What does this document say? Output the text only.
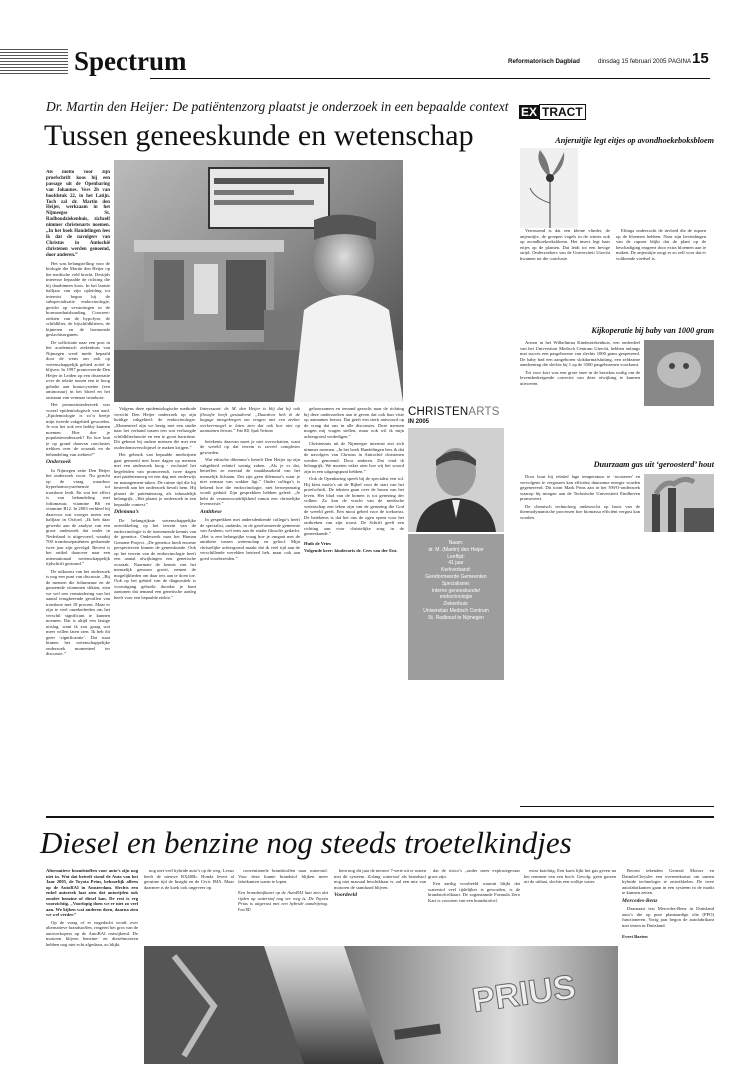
Spectrum	Reformatorisch Dagblad	dinsdag 15 februari 2005 PAGINA 15
Dr. Martin den Heijer: De patiëntenzorg plaatst je onderzoek in een bepaalde context
Tussen geneeskunde en wetenschap

Als motto voor zijn proefschrift koos hij een passage uit de Openbaring van Johannes. Vers 2b van hoofdstuk 22, in het Latijn. Toch zal dr. Martin den Heijer, werkzaam in het Nijmeegse St. Radboudziekenhuis, zichzelf nimmer christenarts noemen. „In het boek Handelingen lees ik dat de navolgers van Christus in Antiochië christenen werden genoemd, door anderen.”

Het was belangstelling voor de biologie die Martin den Heijer op het medische veld bracht. Destijds interesse bepaalde de richting die hij daarbinnen koos. In het laatste halfjaar van zijn opleiding tot internist begon hij de subspecialisatie endocrinologie, gericht op verstoringen in de hormoonhuishouding. Concreet: ziekten van de hypofyse, de schildklier, de bijschildklieren, de bijnieren en de hormonale geslachtsorganen.

De sollicitatie naar een post in het academisch ziekenhuis van Nijmegen werd mede bepaald door de wens om ook op wetenschappelijk gebied actief te blijven. In 1997 promoveerde Den Heijer in Leiden op een dissertatie over de relatie tussen een te hoog gehalte aan homocysteïne (een aminozuur) in het bloed en het ontstaan van veneuze trombose.

Het promotieonderzoek was vooral epidemiologisch van aard. „Epidemiologie is zo’n beetje mijn tweede vakgebied geworden. Je zou het ook een hobby kunnen noemen. Hoe doe je populatieonderzoek? En hoe kun je op grond daarvan conclusies trekken over de oorzaak en de behandeling van ziekten?”

Onderzoek

In Nijmegen zette Den Heijer het onderzoek voort. Nu gericht op de vraag waardoor hyperhomocysteïnemie tot trombose leidt. En wat het effect is van behandeling met foliumzuur, vitamine B6 en vitamine B12. In 2003 verbleef hij daarvoor wat vroeger noem een halfjaar in Oxford. „Ik heb daar gewerkt aan de analyse van een groot onderzoek dat onder in Nederland is uitgevoerd, waarbij 700 trombosepatiënten gedurende twee jaar zijn gevolgd. Recent is het artikel daarover naar een internationaal wetenschappelijk tijdschrift gestuurd.”

De uitkomst van het onderzoek is nog een punt van discussie. „Bij de mensen die foliumzuur en de genoemde vitaminen slikten, zien we wel een vermindering van het aantal terugkerende gevallen van trombose met 18 procent. Maar er zijn te veel onzekerheden om het verschil significant te kunnen noemen. Dat is altijd een lastige uitslag, want ik zou graag wat meer willen laten zien. Ik heb dit geen ‘significantie’. Dat staat binnen het wetenschappelijke onderzoek momenteel ter discussie.”

Volgens deze epidemiologische methode verricht Den Heijer onderzoek op zijn huidige vakgebied: de endocrinologie. „Momenteel zijn we bezig met een studie naar het verband tussen een wat verhoogde schildklierfunctie en een te groot hartritme. Dit gebeurt bij oudere mensen die met een ouderdomsverschijnsel te maken krijgen.”

Het gebruik van bepaalde medicijnen gaat gemoeid met boze dagen op mensen met een onderzoek hoog - exclusief het begeleiden van promovendi, twee dagen met patiëntenzorg en een dag met onderwijs en management-taken. De ruime tijd die hij besteedt aan het onderzoek bevalt hem. Hij plaatst de patiëntenzorg als inhoudelijk belangrijk. „Het plaatst je onderzoek in een bepaalde context.”

Dilemma’s

De belangrijkste wetenschappelijke ontwikkeling op het terrein van de endocrinologie is de toenemende kennis van de genetica. Onderzoek naar het Human Genome Project. „De genetica biedt enorme perspectieven binnen de geneeskunde. Ook op het terrein van de endocrinologie heeft een aantal afwijkingen een genetische oorzaak. Naarmate de kennis van het menselijk genoom groeit, nemen de mogelijkheden om daar iets aan te doen toe. Ook op het gebied van de diagnostiek is vooruitgang geboekt doordat je kunt aantonen dat iemand een genetische aanleg heeft voor een bepaalde ziekte.”

Interessant: dr. M. den Heijer is blij dat hij ook filosofie heeft gestudeerd. „Daardoor heb ik de bagage meegekregen om vragen met een zeeker werkvermogel te laten zien dat ook hoe niet op aannamen berust.” Foto RD, Sjaak Verboom

betekenis daarvan moet je niet overschatten, want de wereld op dat terrein is zoveel complexer geworden.

Wat ethische dilemma’s betreft Den Heijer op zijn vakgebied relatief weinig zaken. „Als je er dat, betreffen ze meestal de maakbaarheid van het menselijk lichaam. Dat zijn geen dilemma’s waar je niet zomaar van wakker ligt.” Onder collega’s is bekend hoe die endocrinologie, niet beroepsmatig wordt geduid. Zijn gesprekken hebben geleid. „Je hebt de verantwoordelijkheid vanuit een christelijke levensvisie.”

Antithese

In gesprekken met andersdenkende collega’s heeft de specialist, ondanks, in de gereformeerde gemeente van Arnhem, wel eens aan de studie filosofie gedacht. „Het is een belangrijke vraag hoe je omgaat met de antithese tussen wetenschap en geloof. Mijn christelijke achtergrond maakt dat ik veel tijd aan de verschillende werelden besteed heb, maar ook aan goed voorbereiden.”

gehoorzamen en iemand gezocht naar de richting bij deze onderzoeken aan te geven dat ook hun visie op aannames berust. Dat geeft een sterk antwoord op de vraag dat ons in alle discussies. Deze mensen mogen mij vragen stellen, maar ook wil ik mijn achtergrond verdedigen.”

Christenarts uit de Nijmeegse internist ziet zich nimmer noemen. „In het boek Handelingen lees ik dat de navolgers van Christus in Antiochië christenen werden genoemd. Door anderen. Dat vind ik belangrijk. We moeten vaker zien hoe wij het woord zijn in een uitgangspunt hebben.”

Ook de Openbaring speelt bij de specialist een rol. Hij kiest motto's uit de Bijbel voor de start van het proefschrift. De teksten gaan over de boom van het leven. Het blad van de bomen is tot genezing der volken. Zo kan de vrucht van de medische wetenschap een teken zijn van de genezing die God de wereld geeft. Een mooi gebed voor de toekomst. De betekenis is dat het ons de ogen opent voor het ontbreken van zijn troost. De Schrift geeft een richting aan voor christelijke zorg in de geneeskunde.”

Huib de Vries

Volgende keer: kinderarts dr. Cees van der Ent.

CHRISTENARTS
IN 2005
Naam:
dr. M. (Martin) den Heijer
Leeftijd:
41 jaar
Kerkverband:
Gereformeerde Gemeenten
Specialisme:
interne geneeskunde/
endocrinologie
Ziekenhuis:
Universitair Medisch Centrum
St. Radboud te Nijmegen
EX TRACT
Anjeruitjie legt eitjes op avondhoekeboksbloem

Verrassend is dat een kleine vlinder, de anjeruitjie, de groepen vogels in de winter ook op avondkoekoeksbloem. Het insect legt haar eitjes op de planten. Dat leidt tot een hevige strijd. Onderzoekers van de Universiteit Utrecht kwamen tot die conclusie.

Eltinga onderzocht de invloed die de rupsen op de bloemen hebben. Naar zijn bevindingen van de rupsen blijkt dat de plant op de beschadiging reageert door extra bloemen aan te maken. De anjeruitjie zorgt er zo zelf voor dat er voldoende voedsel is.

Kijkoperatie bij baby van 1000 gram

Artsen in het Wilhelmina Kinderziekenhuis, een onderdeel van het Universitair Medisch Centrum Utrecht, hebben onlangs met succes een pasgeborene van slechts 1000 gram geopereerd. De baby had een aangeboren slokdarmafsluiting, een zeldzame aandoening die slechts bij 1 op de 3500 pasgeborenen voorkomt.

Tot voor kort was een grote snee in de borstkas nodig om de levensbedreigende correctie van deze afwijking te kunnen uitvoeren.

Duurzaam gas uit ‘geroosterd’ hout

Door hout bij relatief lage temperatuur te ‘roosteren’ en vervolgens te vergassen kan efficiënt duurzame energie worden gegenereerd. Dit toont Mark Prins aan in het NWO-onderzoek waarop hij morgen aan de Technische Universiteit Eindhoven promoveert.

De chemisch technoloog onderzocht op basis van de thermodynamische processen hoe biomassa efficiënt vergast kan worden.

Diesel en benzine nog steeds troetelkindjes

Alternatieve brandstoffen voor auto’s zijn nog niet in. Wat dat betreft stond de Auto van het Jaar 2005, de Toyota Prius, behoorlijk alleen op de AutoRAI in Amsterdam. Slechts een enkel autoreek laat zien dat autorijden ook zonder benzine of diesel kan. De rest is erg voorzichtig. „Voorlopig doen we er niet zo veel aan. We kijken wat anderen doen, daarna zien we wel verder.”

Op de vraag of er nagedacht wordt over alternatieve brandstoffen, reageert het gros van de autoverkopers op de AutoRAI ontwijkend. De motoren blijven benzine- en dieselmotoren hebben nog niet echt afgedaan, zo blijkt.

nog niet veel hybride auto’s op de weg. Lexus heeft de nieuwe RX400h. Honda levert al geruime tijd de Insight en de Civic IMA. Maar daarmee is de koek ook ongeveer op.

conventionele brandstoffen naar waterstof. Voor deze kunne brandstof blijken meer fabrikanten warm te lopen.

bent nog dit jaar de nieuwe 7-serie uit te rusten met dit systeem. Zolang waterstof als brandstof nog niet massaal beschikbaar is, zal een mix van motoren de standaard blijven.

Voordeeld

dat de risico’s „onder meer explosiegevaar groot zijn.

Een aardig voorbeeld waaruit blijkt dat waterstof veel tijdelijker is geworden, is de brandstofcelkaart. De zogenaamde Formula Zero Kart is voorzien van een brandstofcel.

extra krachtig. Een karts lijkt het gas geven na het remmen van een boch. Gevolg: geen gassen uit de uitlaat, slechts een wolkje water.

Recent tekenden General Motors en DaimlerChrysler een overeenkomst om samen hybride technologie te ontwikkelen. De twee autofabrikanten gaan in een systeem in de markt te kunnen zetten.

Mercedes-Benz

Daarnaast test Mercedes-Benz in Duitsland auto’s die op pure plantaardige olie (PPO) functioneren. Vorig jaar begon de autofabrikant met testen in Duitsland.

Evert Barten

Een brandstofkaart op de AutoRAI laat zien dat rijden op waterstof nog ver weg is. De Toyota Prius is uitgerust met een hybride aandrijving. Foto RD
PRIUS
